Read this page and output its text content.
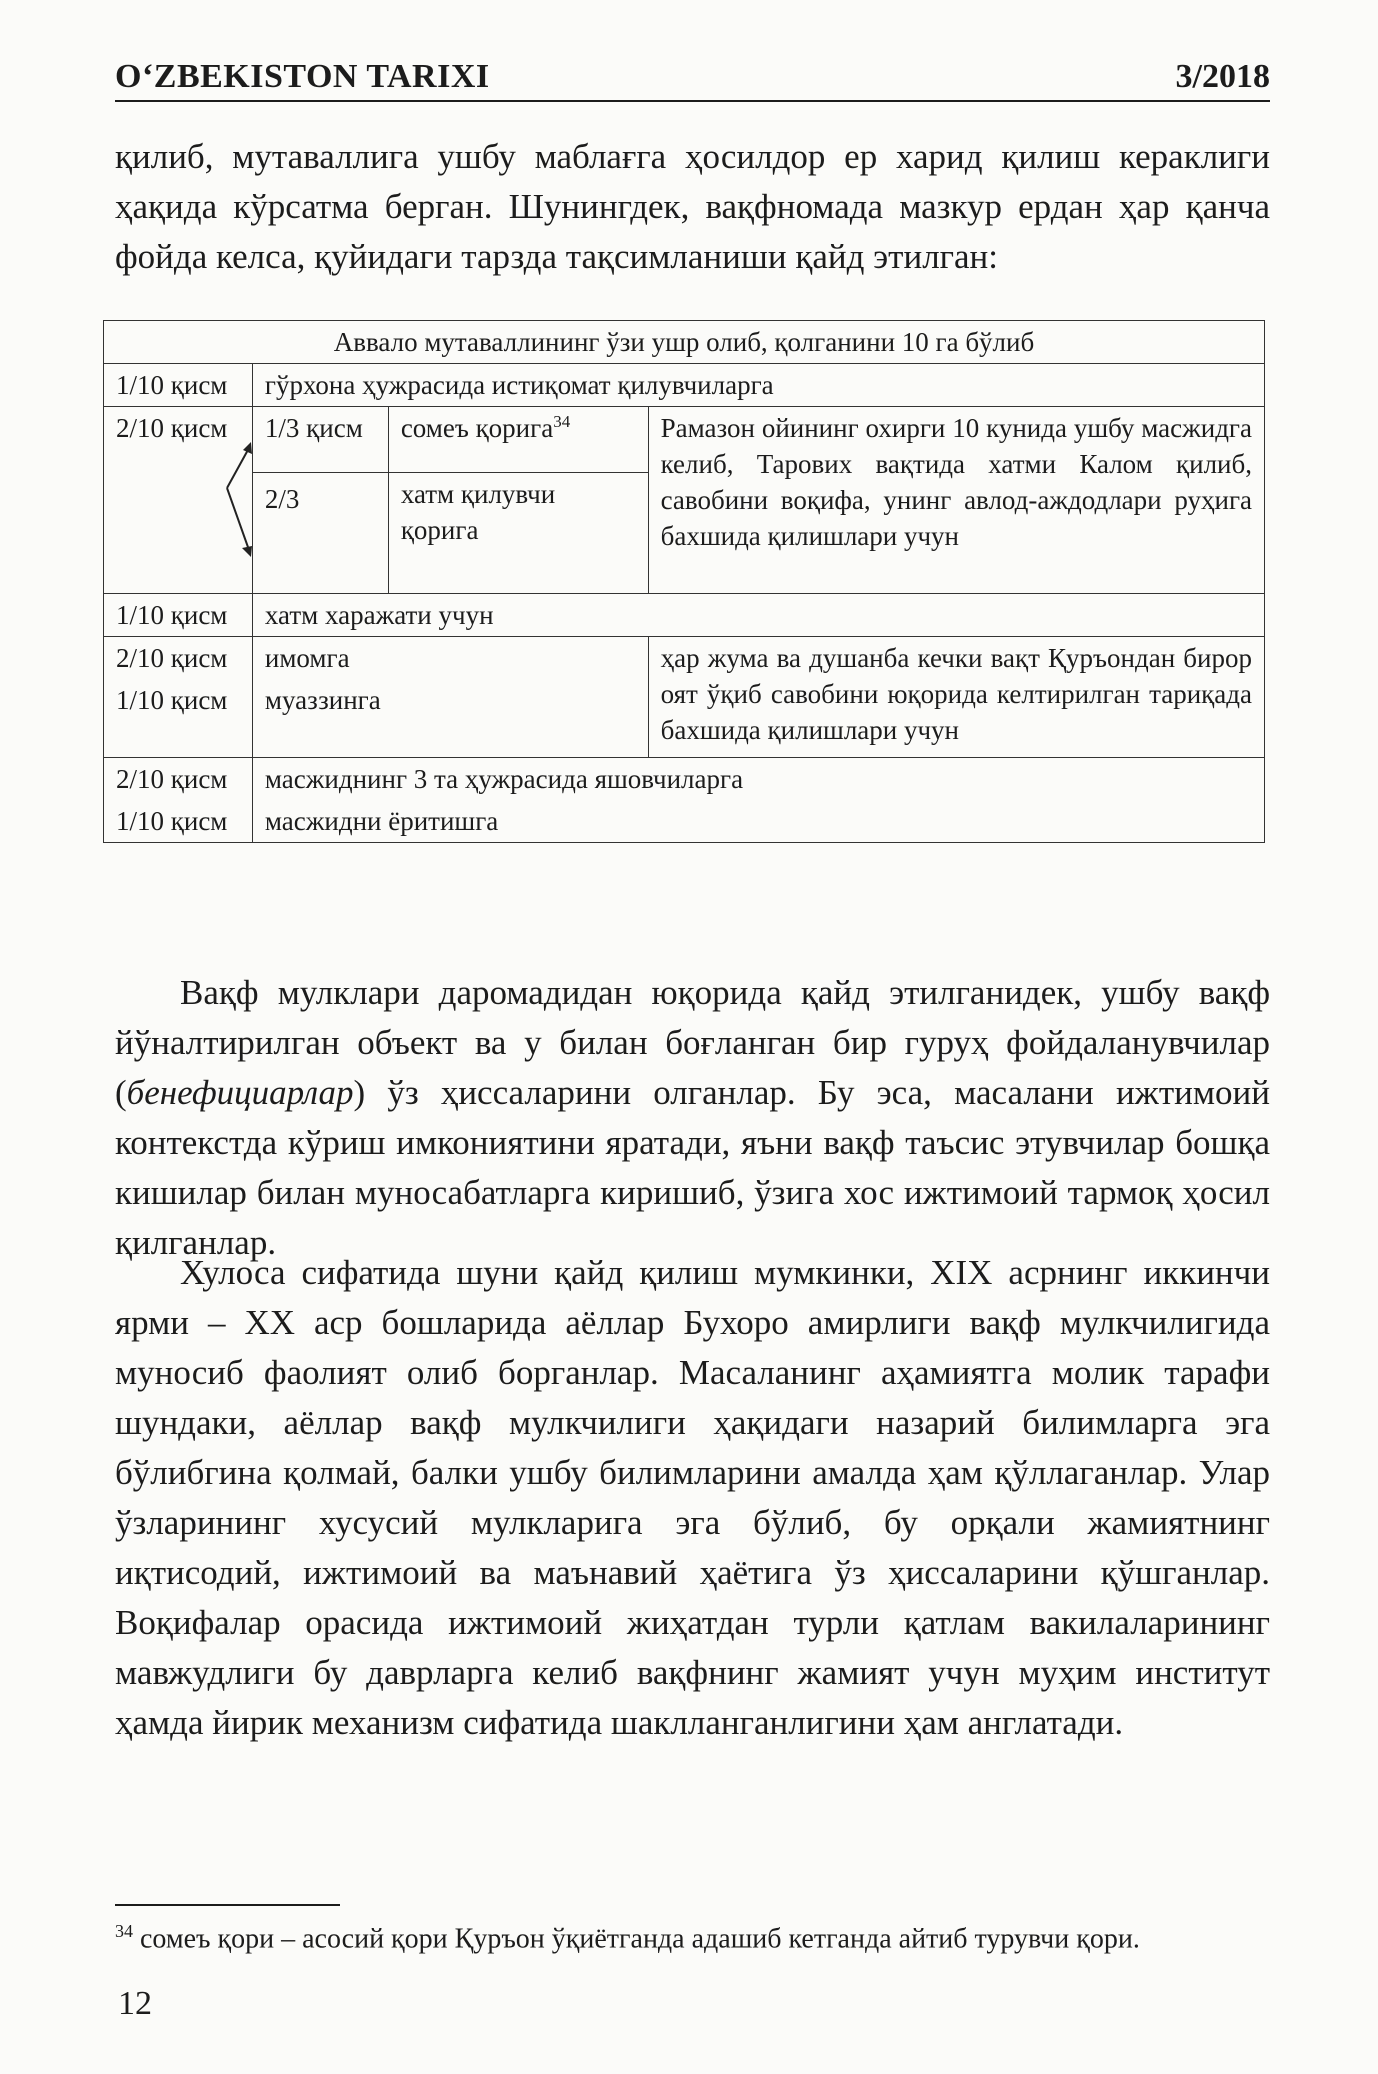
O‘ZBEKISTON TARIXI	3/2018

қилиб, мутаваллига ушбу маблағга ҳосилдор ер харид қилиш кераклиги ҳақида кўрсатма берган. Шунингдек, вақфномада мазкур ердан ҳар қанча фойда келса, қуйидаги тарзда тақсимланиши қайд этилган:

Аввало мутаваллининг ўзи ушр олиб, қолганини 10 га бўлиб			
1/10 қисм	гўрхона ҳужрасида истиқомат қилувчиларга		
2/10 қисм	1/3 қисм	сомеъ қорига$^{34}$	Рамазон ойининг охирги 10 кунида ушбу масжидга келиб, Тарових вақтида хатми Калом қилиб, савобини воқифа, унинг авлод-аждодлари руҳига бахшида қилишлари учун
	2/3	хатм қилувчи қорига	
1/10 қисм	хатм харажати учун		
2/10 қисм	имомга		ҳар жума ва душанба кечки вақт Қуръондан бирор оят ўқиб савобини юқорида келтирилган тариқада бахшида қилишлари учун
1/10 қисм	муаззинга		
2/10 қисм	масжиднинг 3 та ҳужрасида яшовчиларга		
1/10 қисм	масжидни ёритишга		

Вақф мулклари даромадидан юқорида қайд этилганидек, ушбу вақф йўналтирилган объект ва у билан боғланган бир гуруҳ фойдаланувчилар (бенефициарлар) ўз ҳиссаларини олганлар. Бу эса, масалани ижтимоий контекстда кўриш имкониятини яратади, яъни вақф таъсис этувчилар бошқа кишилар билан муносабатларга киришиб, ўзига хос ижтимоий тармоқ ҳосил қилганлар.

Хулоса сифатида шуни қайд қилиш мумкинки, XIX асрнинг иккинчи ярми – XX аср бошларида аёллар Бухоро амирлиги вақф мулкчилигида муносиб фаолият олиб борганлар. Масаланинг аҳамиятга молик тарафи шундаки, аёллар вақф мулкчилиги ҳақидаги назарий билимларга эга бўлибгина қолмай, балки ушбу билимларини амалда ҳам қўллаганлар. Улар ўзларининг хусусий мулкларига эга бўлиб, бу орқали жамиятнинг иқтисодий, ижтимоий ва маънавий ҳаётига ўз ҳиссаларини қўшганлар. Воқифалар орасида ижтимоий жиҳатдан турли қатлам вакилаларининг мавжудлиги бу даврларга келиб вақфнинг жамият учун муҳим институт ҳамда йирик механизм сифатида шаклланганлигини ҳам англатади.

$^{34}$ сомеъ қори – асосий қори Қуръон ўқиётганда адашиб кетганда айтиб турувчи қори.

12
